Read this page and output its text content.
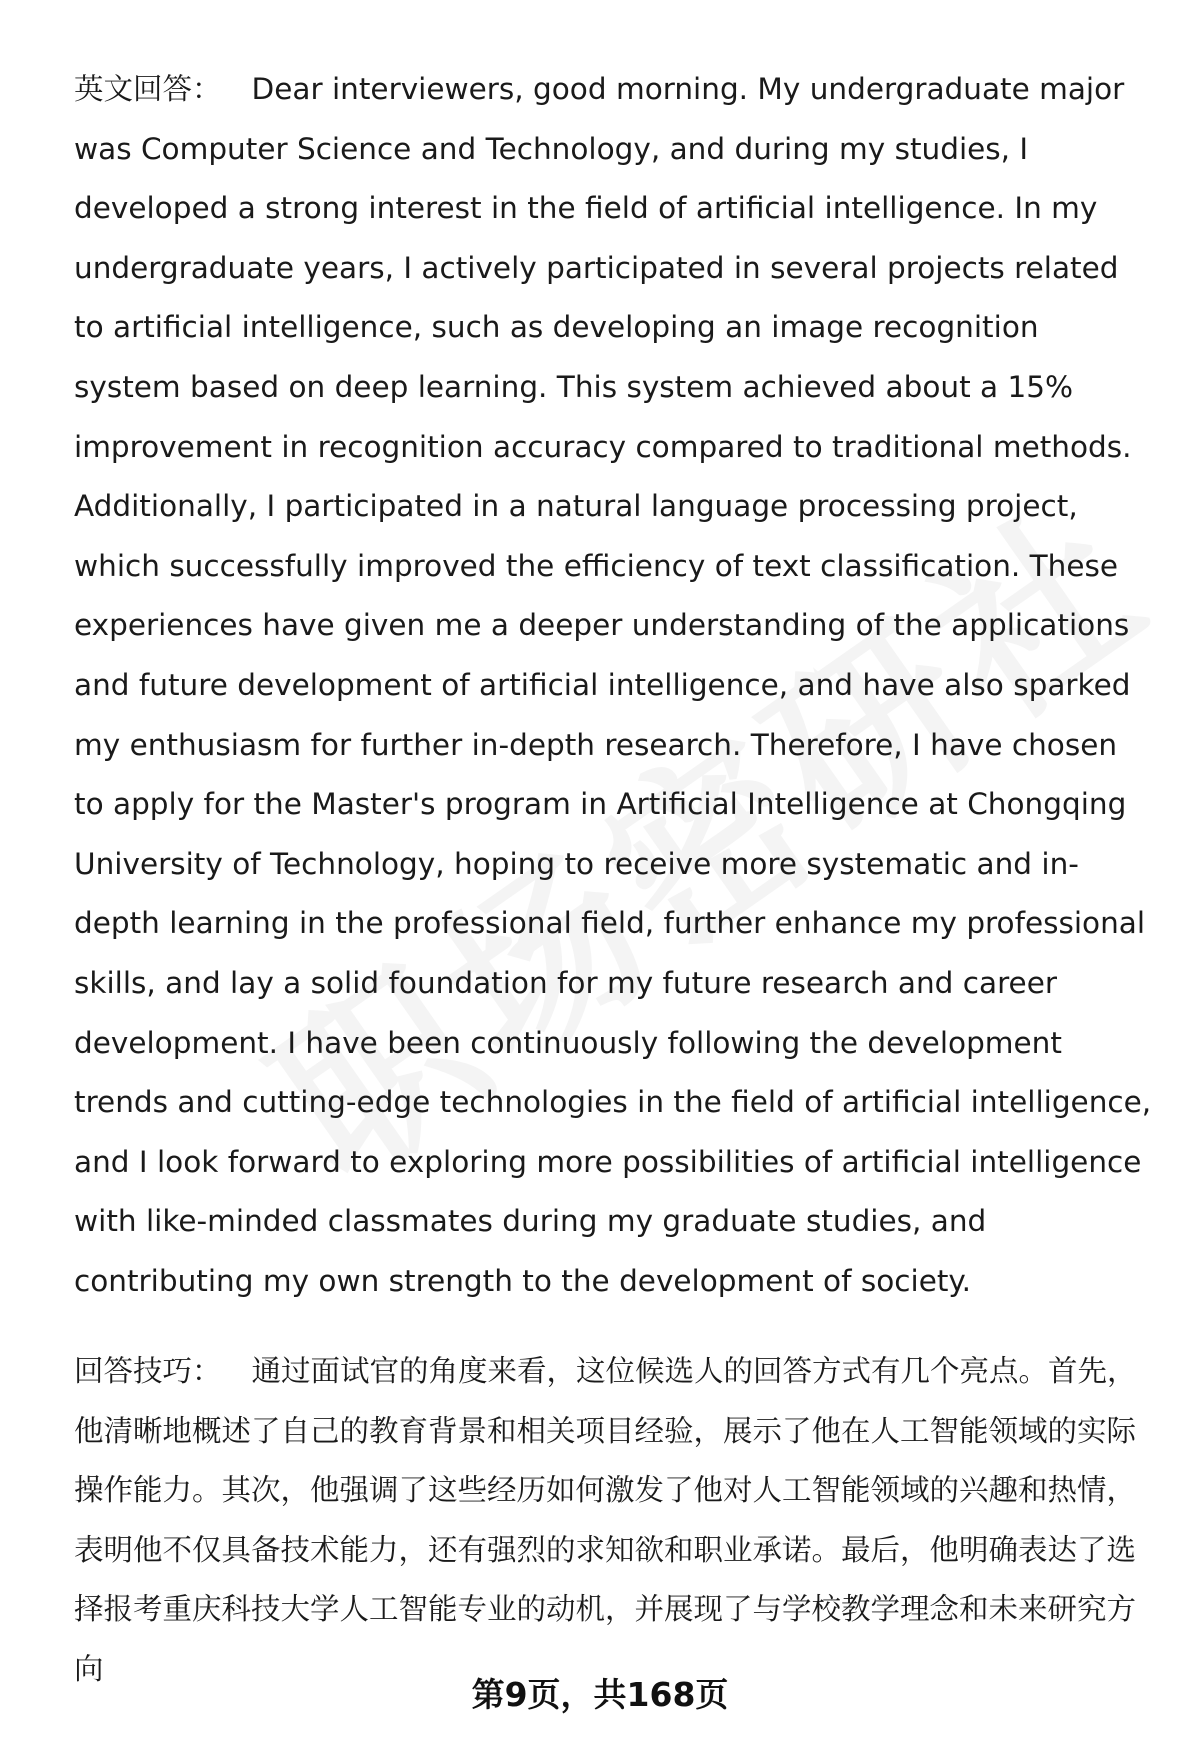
英文回答： Dear interviewers, good morning. My undergraduate major was Computer Science and Technology, and during my studies, I developed a strong interest in the field of artificial intelligence. In my undergraduate years, I actively participated in several projects related to artificial intelligence, such as developing an image recognition system based on deep learning. This system achieved about a 15% improvement in recognition accuracy compared to traditional methods. Additionally, I participated in a natural language processing project, which successfully improved the efficiency of text classification. These experiences have given me a deeper understanding of the applications and future development of artificial intelligence, and have also sparked my enthusiasm for further in-depth research. Therefore, I have chosen to apply for the Master's program in Artificial Intelligence at Chongqing University of Technology, hoping to receive more systematic and in-depth learning in the professional field, further enhance my professional skills, and lay a solid foundation for my future research and career development. I have been continuously following the development trends and cutting-edge technologies in the field of artificial intelligence, and I look forward to exploring more possibilities of artificial intelligence with like-minded classmates during my graduate studies, and contributing my own strength to the development of society.
回答技巧： 通过面试官的角度来看，这位候选人的回答方式有几个亮点。首先，他清晰地概述了自己的教育背景和相关项目经验，展示了他在人工智能领域的实际操作能力。其次，他强调了这些经历如何激发了他对人工智能领域的兴趣和热情，表明他不仅具备技术能力，还有强烈的求知欲和职业承诺。最后，他明确表达了选择报考重庆科技大学人工智能专业的动机，并展现了与学校教学理念和未来研究方向
第9页，共168页
